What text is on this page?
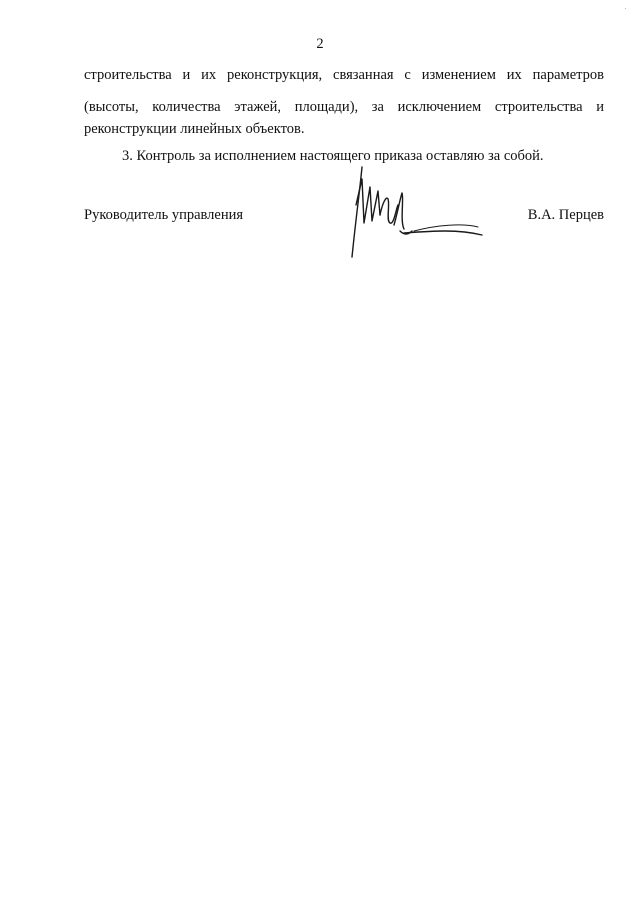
2
строительства и их реконструкция, связанная с изменением их параметров
(высоты, количества этажей, площади), за исключением строительства и
реконструкции линейных объектов.
3. Контроль за исполнением настоящего приказа оставляю за собой.
Руководитель управления	В.А. Перцев
